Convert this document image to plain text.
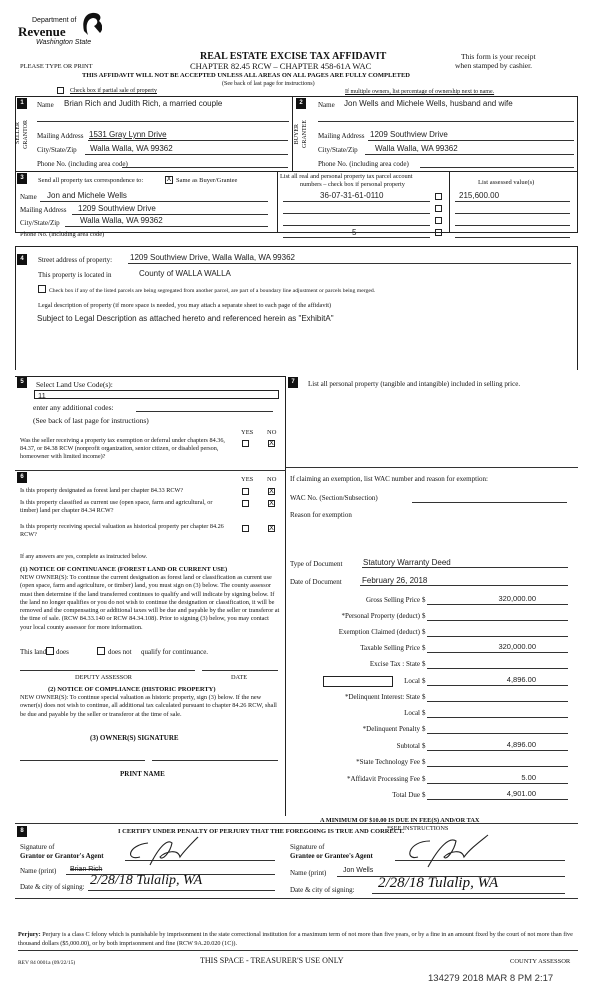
Department of
Revenue
Washington State
REAL ESTATE EXCISE TAX AFFIDAVIT
PLEASE TYPE OR PRINT	CHAPTER 82.45 RCW – CHAPTER 458-61A WAC
This form is your receipt
when stamped by cashier.
THIS AFFIDAVIT WILL NOT BE ACCEPTED UNLESS ALL AREAS ON ALL PAGES ARE FULLY COMPLETED
(See back of last page for instructions)
Check box if partial sale of property	If multiple owners, list percentage of ownership next to name.
1
SELLER GRANTOR
Name Brian Rich and Judith Rich, a married couple
Mailing Address 1531 Gray Lynn Drive
City/State/Zip Walla Walla, WA 99362
Phone No. (including area code)
2
BUYER GRANTEE
Name Jon Wells and Michele Wells, husband and wife
Mailing Address 1209 Southview Drive
City/State/Zip Walla Walla, WA 99362
Phone No. (including area code)
3	Send all property tax correspondence to:	X Same as Buyer/Grantee
Name Jon and Michele Wells
Mailing Address 1209 Southview Drive
City/State/Zip	Walla Walla, WA 99362
Phone No. (including area code)
List all real and personal property tax parcel account
numbers – check box if personal property	List assessed value(s)
36-07-31-61-0110	215,600.00
5
4	Street address of property: 1209 Southview Drive, Walla Walla, WA 99362
This property is located in	County of WALLA WALLA
Check box if any of the listed parcels are being segregated from another parcel, are part of a boundary line adjustment or parcels being merged.
Legal description of property (if more space is needed, you may attach a separate sheet to each page of the affidavit)
Subject to Legal Description as attached hereto and referenced herein as "ExhibitA"
5	Select Land Use Code(s):
11
enter any additional codes:
(See back of last page for instructions)
YES NO
Was the seller receiving a property tax exemption or deferral under chapters 84.36, 84.37, or 84.38 RCW (nonprofit organization, senior citizen, or disabled person, homeowner with limited income)?
X
6	YES NO
Is this property designated as forest land per chapter 84.33 RCW?	X
Is this property classified as current use (open space, farm and agricultural, or timber) land per chapter 84.34 RCW?
X
Is this property receiving special valuation as historical property per chapter 84.26 RCW?
X
If any answers are yes, complete as instructed below.
(1) NOTICE OF CONTINUANCE (FOREST LAND OR CURRENT USE)
NEW OWNER(S): To continue the current designation as forest land or classification as current use (open space, farm and agriculture, or timber) land, you must sign on (3) below. The county assessor must then determine if the land transferred continues to qualify and will indicate by signing below. If the land no longer qualifies or you do not wish to continue the designation or classification, it will be removed and the compensating or additional taxes will be due and payable by the seller or transferor at the time of sale. (RCW 84.33.140 or RCW 84.34.108). Prior to signing (3) below, you may contact your local county assessor for more information.
This land does	does not qualify for continuance.
DEPUTY ASSESSOR	DATE
(2) NOTICE OF COMPLIANCE (HISTORIC PROPERTY)
NEW OWNER(S): To continue special valuation as historic property, sign (3) below. If the new owner(s) does not wish to continue, all additional tax calculated pursuant to chapter 84.26 RCW, shall be due and payable by the seller or transferor at the time of sale.
(3) OWNER(S) SIGNATURE
PRINT NAME
7	List all personal property (tangible and intangible) included in selling price.
If claiming an exemption, list WAC number and reason for exemption:
WAC No. (Section/Subsection)
Reason for exemption
Type of Document	Statutory Warranty Deed
Date of Document	February 26, 2018
Gross Selling Price $	320,000.00
*Personal Property (deduct) $
Exemption Claimed (deduct) $
Taxable Selling Price $	320,000.00
Excise Tax : State $
Local $	4,896.00
*Delinquent Interest: State $
Local $
*Delinquent Penalty $
Subtotal $	4,896.00
*State Technology Fee $
*Affidavit Processing Fee $	5.00
Total Due $	4,901.00
A MINIMUM OF $10.00 IS DUE IN FEE(S) AND/OR TAX
*SEE INSTRUCTIONS
8	I CERTIFY UNDER PENALTY OF PERJURY THAT THE FOREGOING IS TRUE AND CORRECT.
Signature of
Grantor or Grantor's Agent
Name (print) Brian Rich
Date & city of signing: 2/28/18 Tulalip, WA
Signature of
Grantee or Grantee's Agent
Name (print) Jon Wells
Date & city of signing: 2/28/18 Tulalip, WA
Perjury: Perjury is a class C felony which is punishable by imprisonment in the state correctional institution for a maximum term of not more than five years, or by a fine in an amount fixed by the court of not more than five thousand dollars ($5,000.00), or by both imprisonment and fine (RCW 9A.20.020 (1C)).
REV 84 0001a (09/22/15)	THIS SPACE - TREASURER'S USE ONLY	COUNTY ASSESSOR
134279 2018 MAR 8 PM 2:17
